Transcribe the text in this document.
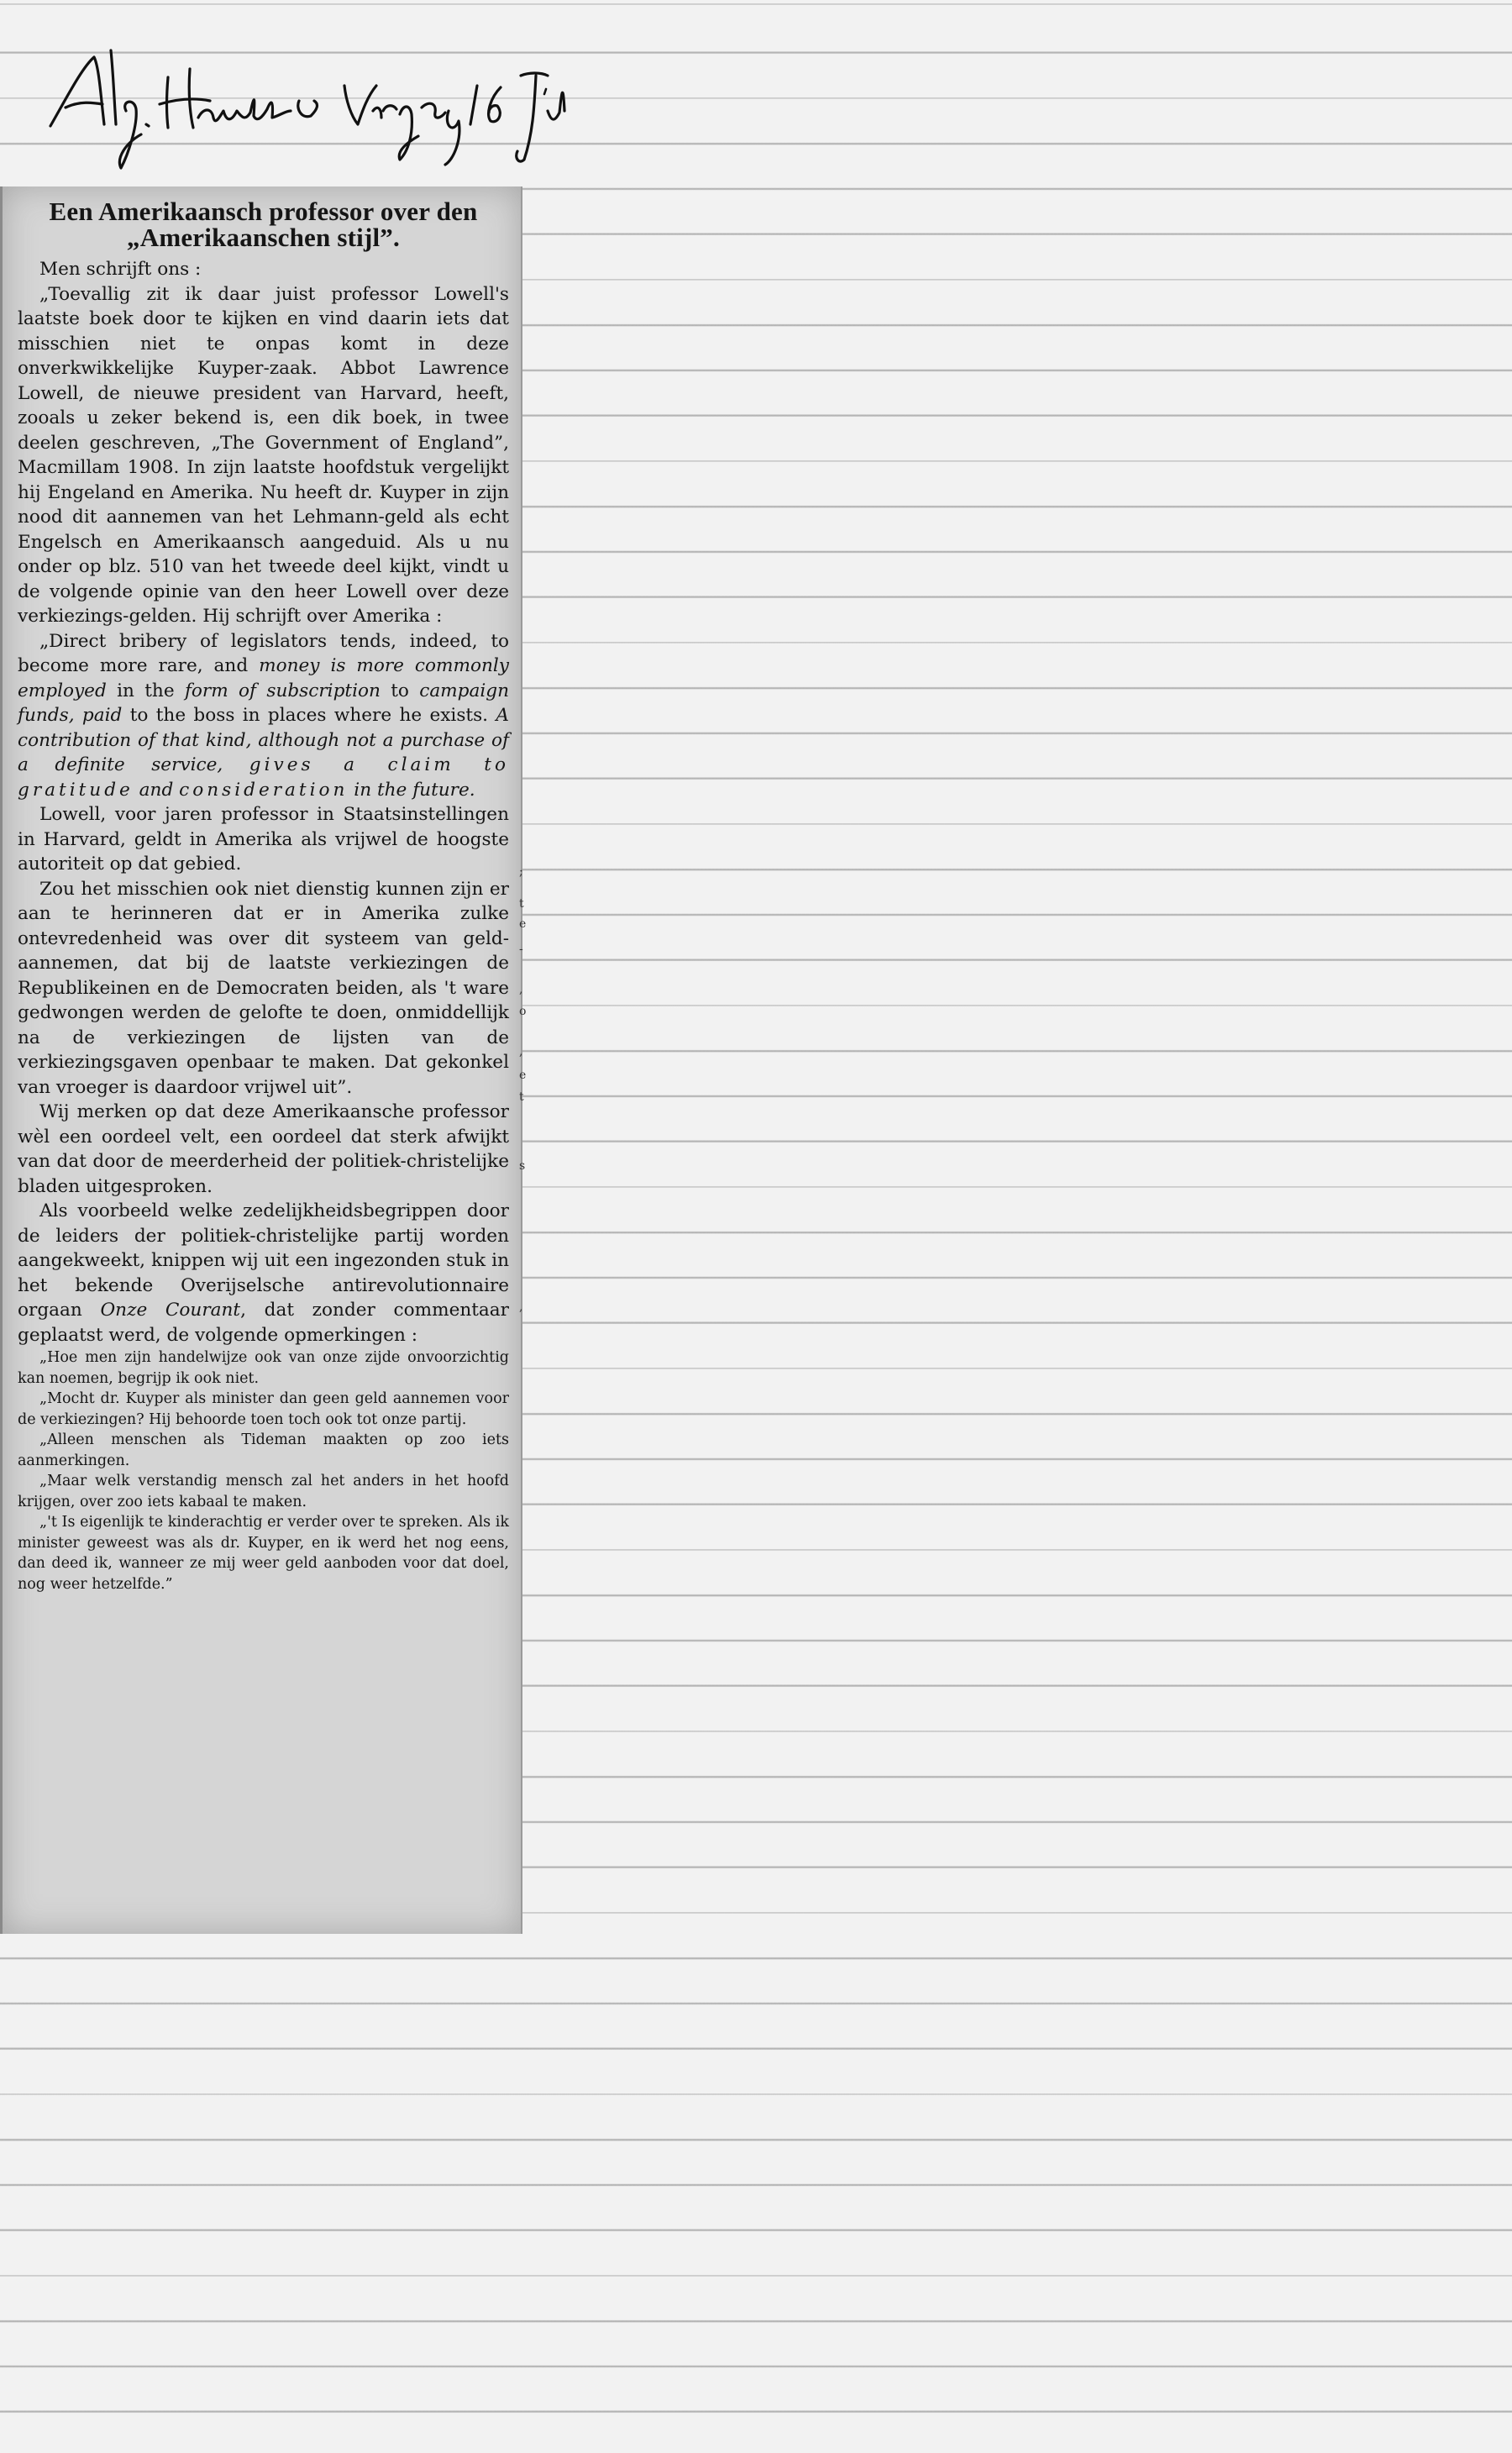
Een Amerikaansch professor over den
„Amerikaanschen stijl”.

Men schrijft ons :

„Toevallig zit ik daar juist professor Lowell's laatste boek door te kijken en vind daarin iets dat misschien niet te onpas komt in deze onverkwikkelijke Kuyper-zaak. Abbot Lawrence Lowell, de nieuwe president van Harvard, heeft, zooals u zeker bekend is, een dik boek, in twee deelen geschreven, „The Government of England”, Macmillam 1908. In zijn laatste hoofdstuk vergelijkt hij Engeland en Amerika. Nu heeft dr. Kuyper in zijn nood dit aannemen van het Lehmann-geld als echt Engelsch en Amerikaansch aangeduid. Als u nu onder op blz. 510 van het tweede deel kijkt, vindt u de volgende opinie van den heer Lowell over deze verkiezings-gelden. Hij schrijft over Amerika :

„Direct bribery of legislators tends, indeed, to become more rare, and money is more commonly employed in the form of subscription to campaign funds, paid to the boss in places where he exists. A contribution of that kind, although not a purchase of a definite service, gives a claim to gratitude and consideration in the future.

Lowell, voor jaren professor in Staatsinstellingen in Harvard, geldt in Amerika als vrijwel de hoogste autoriteit op dat gebied.

Zou het misschien ook niet dienstig kunnen zijn er aan te herinneren dat er in Amerika zulke ontevredenheid was over dit systeem van geld-aannemen, dat bij de laatste verkiezingen de Republikeinen en de Democraten beiden, als 't ware gedwongen werden de gelofte te doen, onmiddellijk na de verkiezingen de lijsten van de verkiezingsgaven openbaar te maken. Dat gekonkel van vroeger is daardoor vrijwel uit”.

Wij merken op dat deze Amerikaansche professor wèl een oordeel velt, een oordeel dat sterk afwijkt van dat door de meerderheid der politiek-christelijke bladen uitgesproken.

Als voorbeeld welke zedelijkheidsbegrippen door de leiders der politiek-christelijke partij worden aangekweekt, knippen wij uit een ingezonden stuk in het bekende Overijselsche antirevolutionnaire orgaan Onze Courant, dat zonder commentaar geplaatst werd, de volgende opmerkingen :

„Hoe men zijn handelwijze ook van onze zijde onvoorzichtig kan noemen, begrijp ik ook niet.

„Mocht dr. Kuyper als minister dan geen geld aannemen voor de verkiezingen? Hij behoorde toen toch ook tot onze partij.

„Alleen menschen als Tideman maakten op zoo iets aanmerkingen.

„Maar welk verstandig mensch zal het anders in het hoofd krijgen, over zoo iets kabaal te maken.

„'t Is eigenlijk te kinderachtig er verder over te spreken. Als ik minister geweest was als dr. Kuyper, en ik werd het nog eens, dan deed ik, wanneer ze mij weer geld aanboden voor dat doel, nog weer hetzelfde.”

;
t
e
-
,
o
,
e
t
s
,
